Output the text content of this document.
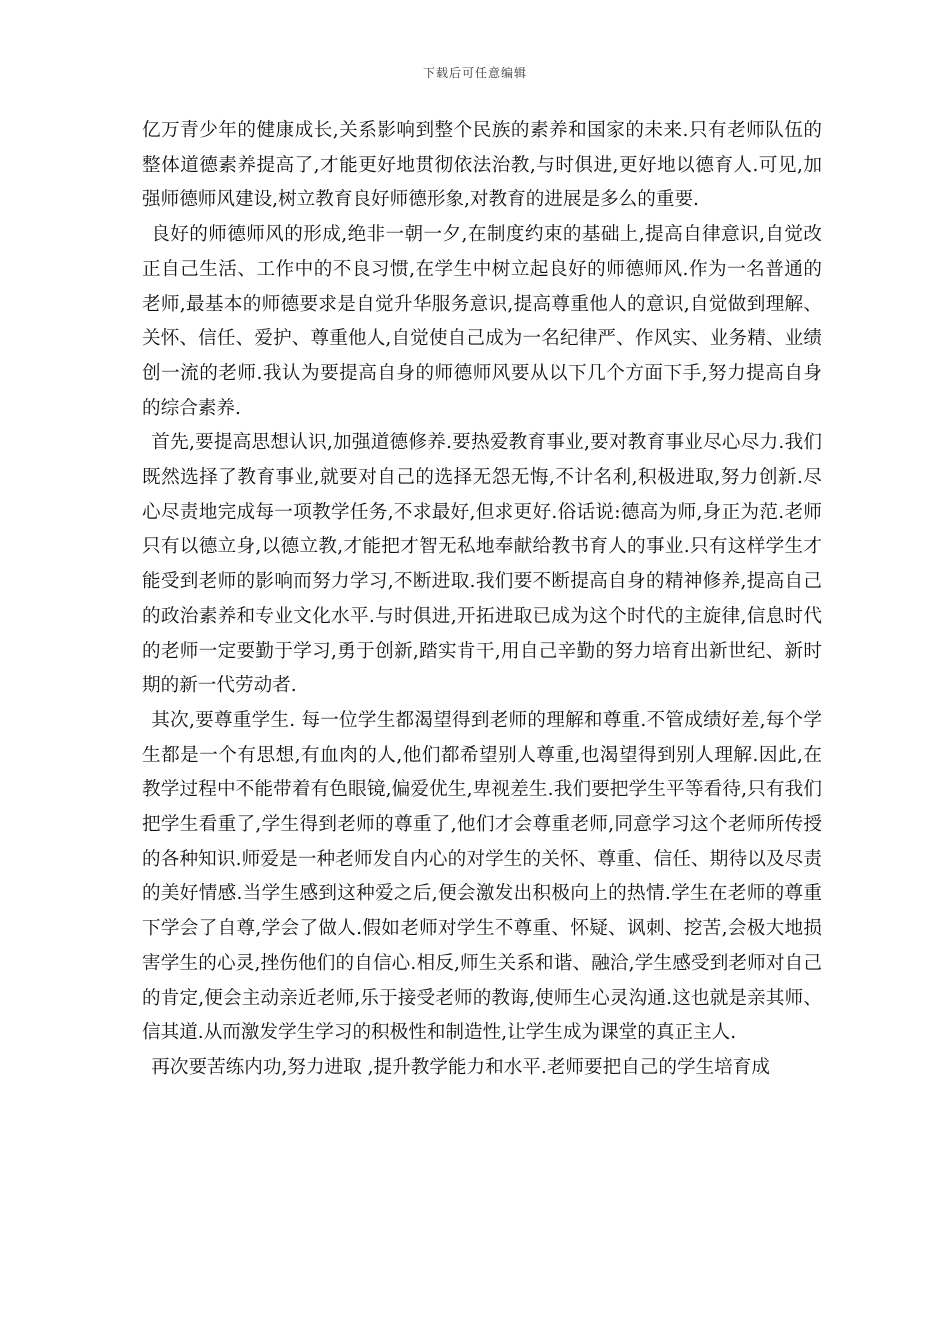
下载后可任意编辑

亿万青少年的健康成长,关系影响到整个民族的素养和国家的未来.只有老师队伍的整体道德素养提高了,才能更好地贯彻依法治教,与时俱进,更好地以德育人.可见,加强师德师风建设,树立教育良好师德形象,对教育的进展是多么的重要.

良好的师德师风的形成,绝非一朝一夕,在制度约束的基础上,提高自律意识,自觉改正自己生活、工作中的不良习惯,在学生中树立起良好的师德师风.作为一名普通的老师,最基本的师德要求是自觉升华服务意识,提高尊重他人的意识,自觉做到理解、关怀、信任、爱护、尊重他人,自觉使自己成为一名纪律严、作风实、业务精、业绩创一流的老师.我认为要提高自身的师德师风要从以下几个方面下手,努力提高自身的综合素养.

首先,要提高思想认识,加强道德修养.要热爱教育事业,要对教育事业尽心尽力.我们既然选择了教育事业,就要对自己的选择无怨无悔,不计名利,积极进取,努力创新.尽心尽责地完成每一项教学任务,不求最好,但求更好.俗话说:德高为师,身正为范.老师只有以德立身,以德立教,才能把才智无私地奉献给教书育人的事业.只有这样学生才能受到老师的影响而努力学习,不断进取.我们要不断提高自身的精神修养,提高自己的政治素养和专业文化水平.与时俱进,开拓进取已成为这个时代的主旋律,信息时代的老师一定要勤于学习,勇于创新,踏实肯干,用自己辛勤的努力培育出新世纪、新时期的新一代劳动者.

其次,要尊重学生. 每一位学生都渴望得到老师的理解和尊重.不管成绩好差,每个学生都是一个有思想,有血肉的人,他们都希望别人尊重,也渴望得到别人理解.因此,在教学过程中不能带着有色眼镜,偏爱优生,卑视差生.我们要把学生平等看待,只有我们把学生看重了,学生得到老师的尊重了,他们才会尊重老师,同意学习这个老师所传授的各种知识.师爱是一种老师发自内心的对学生的关怀、尊重、信任、期待以及尽责的美好情感.当学生感到这种爱之后,便会激发出积极向上的热情.学生在老师的尊重下学会了自尊,学会了做人.假如老师对学生不尊重、怀疑、讽刺、挖苦,会极大地损害学生的心灵,挫伤他们的自信心.相反,师生关系和谐、融洽,学生感受到老师对自己的肯定,便会主动亲近老师,乐于接受老师的教诲,使师生心灵沟通.这也就是亲其师、信其道.从而激发学生学习的积极性和制造性,让学生成为课堂的真正主人.

再次要苦练内功,努力进取 ,提升教学能力和水平.老师要把自己的学生培育成
